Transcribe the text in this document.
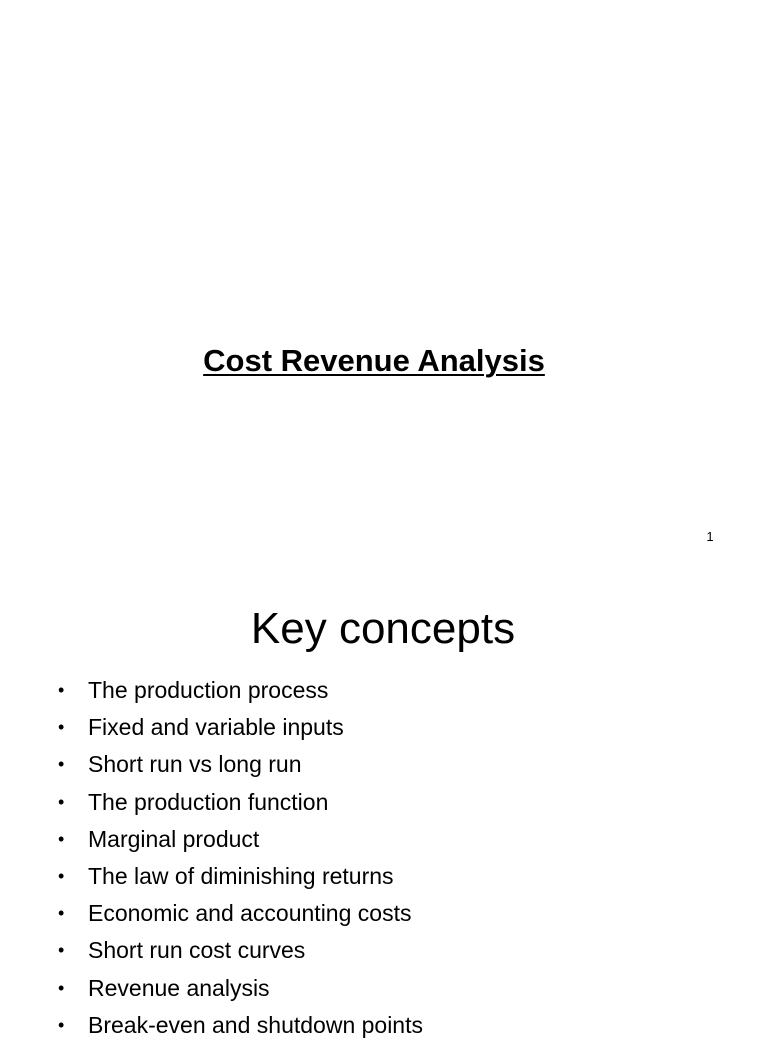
Cost Revenue Analysis
1
Key concepts
• The production process
• Fixed and variable inputs
• Short run vs long run
• The production function
• Marginal product
• The law of diminishing returns
• Economic and accounting costs
• Short run cost curves
• Revenue analysis
• Break-even and shutdown points
